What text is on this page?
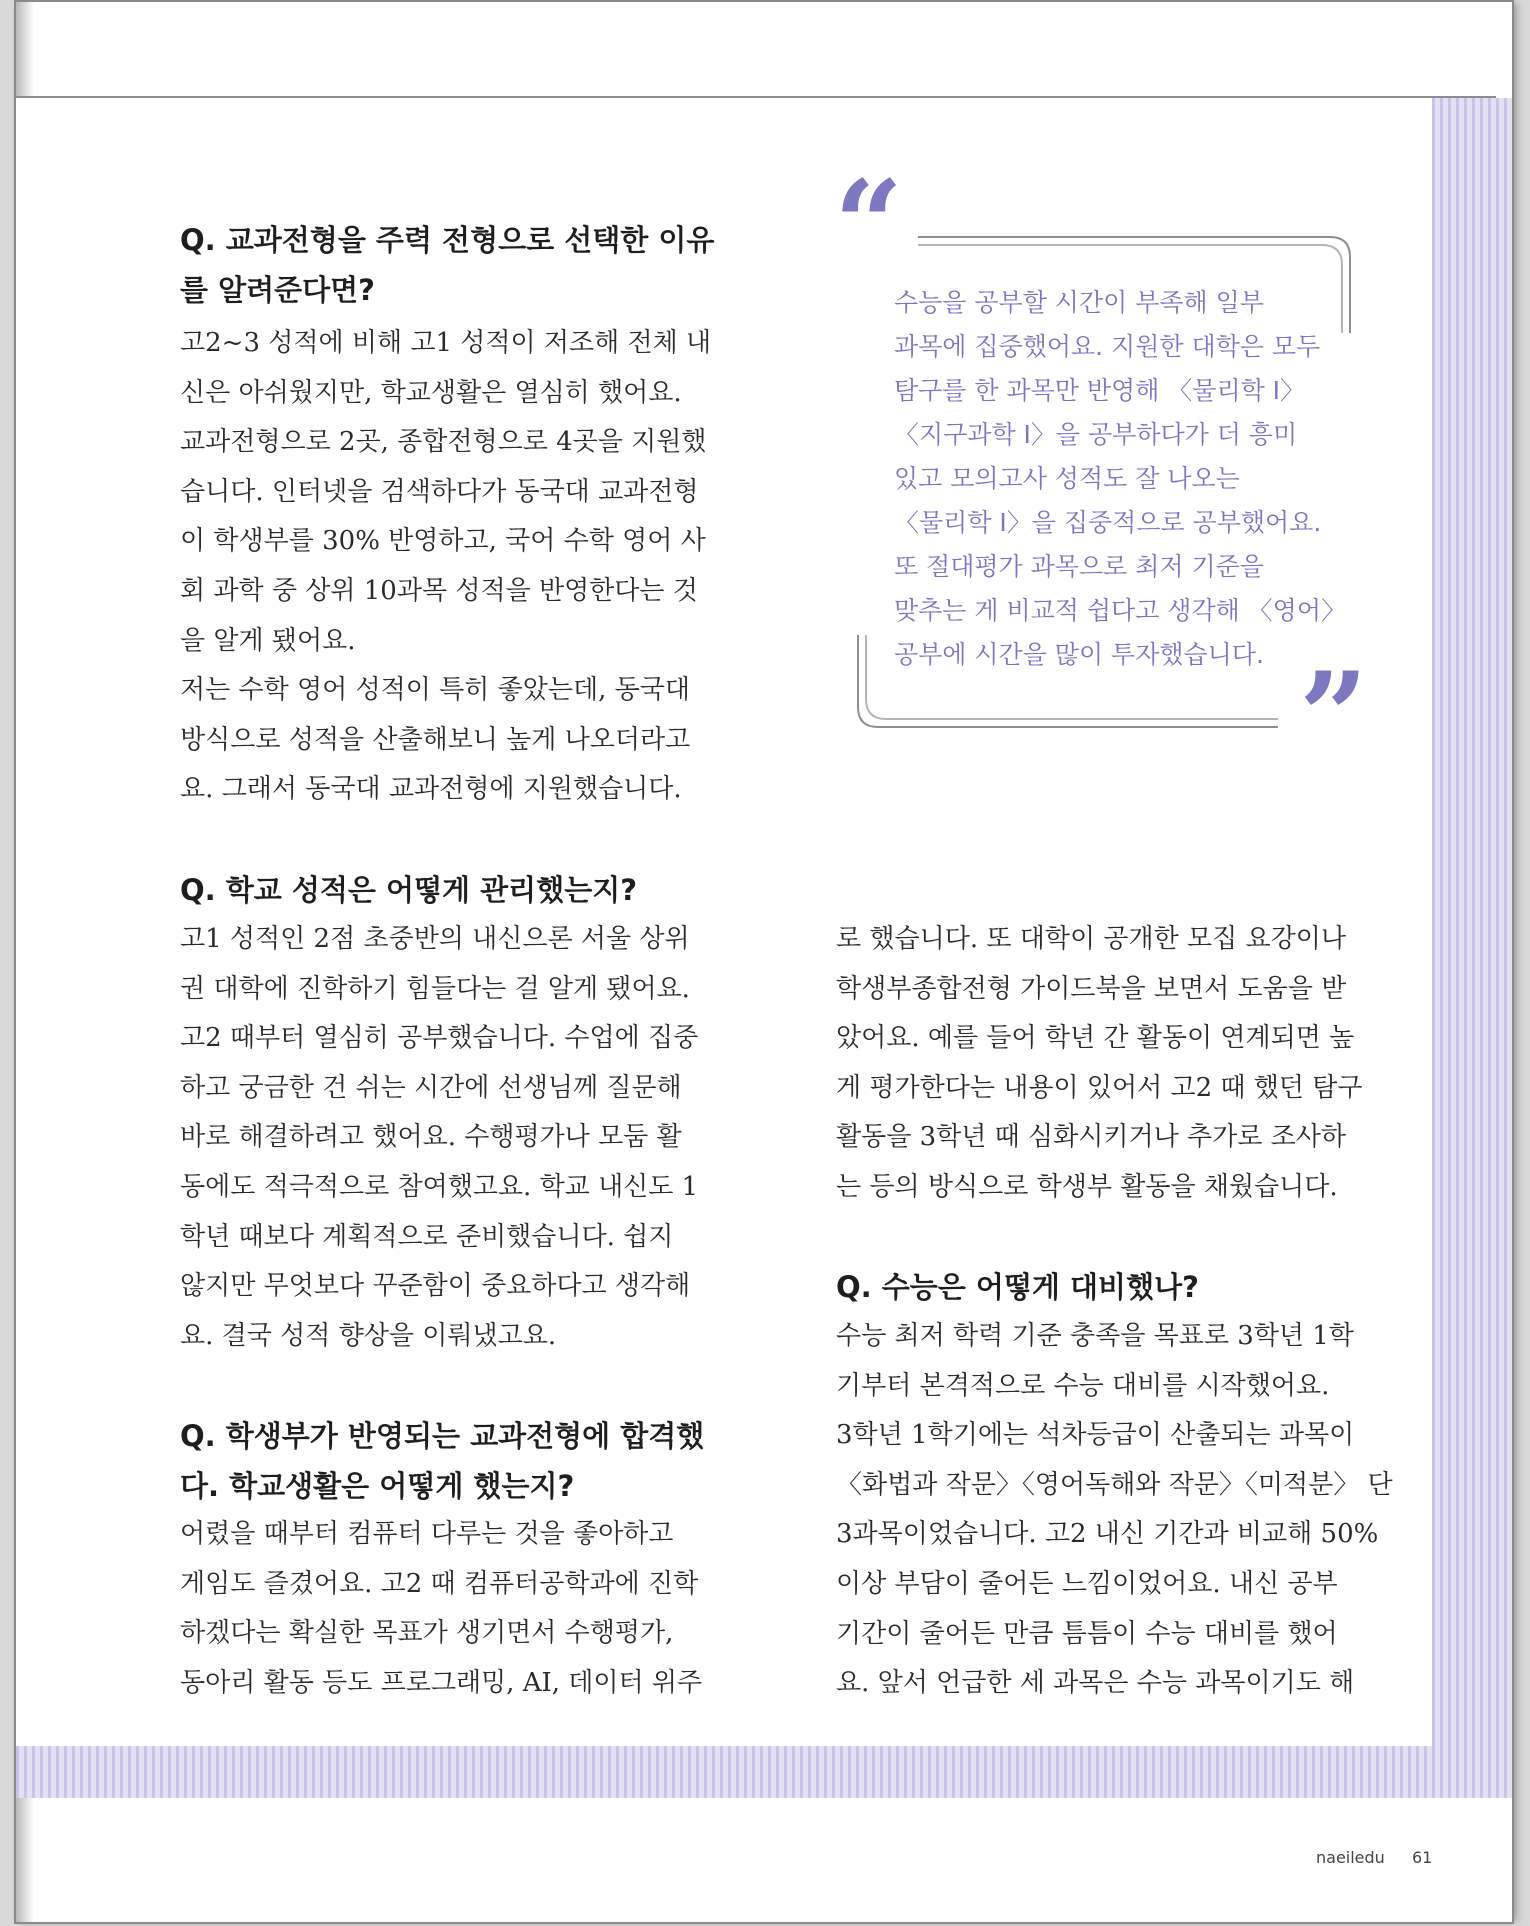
Q. 교과전형을 주력 전형으로 선택한 이유
를 알려준다면?
고2~3 성적에 비해 고1 성적이 저조해 전체 내
신은 아쉬웠지만, 학교생활은 열심히 했어요.
교과전형으로 2곳, 종합전형으로 4곳을 지원했
습니다. 인터넷을 검색하다가 동국대 교과전형
이 학생부를 30% 반영하고, 국어 수학 영어 사
회 과학 중 상위 10과목 성적을 반영한다는 것
을 알게 됐어요.
저는 수학 영어 성적이 특히 좋았는데, 동국대
방식으로 성적을 산출해보니 높게 나오더라고
요. 그래서 동국대 교과전형에 지원했습니다.
Q. 학교 성적은 어떻게 관리했는지?
고1 성적인 2점 초중반의 내신으론 서울 상위
권 대학에 진학하기 힘들다는 걸 알게 됐어요.
고2 때부터 열심히 공부했습니다. 수업에 집중
하고 궁금한 건 쉬는 시간에 선생님께 질문해
바로 해결하려고 했어요. 수행평가나 모둠 활
동에도 적극적으로 참여했고요. 학교 내신도 1
학년 때보다 계획적으로 준비했습니다. 쉽지
않지만 무엇보다 꾸준함이 중요하다고 생각해
요. 결국 성적 향상을 이뤄냈고요.
Q. 학생부가 반영되는 교과전형에 합격했
다. 학교생활은 어떻게 했는지?
어렸을 때부터 컴퓨터 다루는 것을 좋아하고
게임도 즐겼어요. 고2 때 컴퓨터공학과에 진학
하겠다는 확실한 목표가 생기면서 수행평가,
동아리 활동 등도 프로그래밍, AI, 데이터 위주
“
”
수능을 공부할 시간이 부족해 일부
과목에 집중했어요. 지원한 대학은 모두
탐구를 한 과목만 반영해 〈물리학 Ⅰ〉
〈지구과학 Ⅰ〉을 공부하다가 더 흥미
있고 모의고사 성적도 잘 나오는
〈물리학 Ⅰ〉을 집중적으로 공부했어요.
또 절대평가 과목으로 최저 기준을
맞추는 게 비교적 쉽다고 생각해 〈영어〉
공부에 시간을 많이 투자했습니다.
로 했습니다. 또 대학이 공개한 모집 요강이나
학생부종합전형 가이드북을 보면서 도움을 받
았어요. 예를 들어 학년 간 활동이 연계되면 높
게 평가한다는 내용이 있어서 고2 때 했던 탐구
활동을 3학년 때 심화시키거나 추가로 조사하
는 등의 방식으로 학생부 활동을 채웠습니다.
Q. 수능은 어떻게 대비했나?
수능 최저 학력 기준 충족을 목표로 3학년 1학
기부터 본격적으로 수능 대비를 시작했어요.
3학년 1학기에는 석차등급이 산출되는 과목이
〈화법과 작문〉〈영어독해와 작문〉〈미적분〉 단
3과목이었습니다. 고2 내신 기간과 비교해 50%
이상 부담이 줄어든 느낌이었어요. 내신 공부
기간이 줄어든 만큼 틈틈이 수능 대비를 했어
요. 앞서 언급한 세 과목은 수능 과목이기도 해
naeiledu 61
